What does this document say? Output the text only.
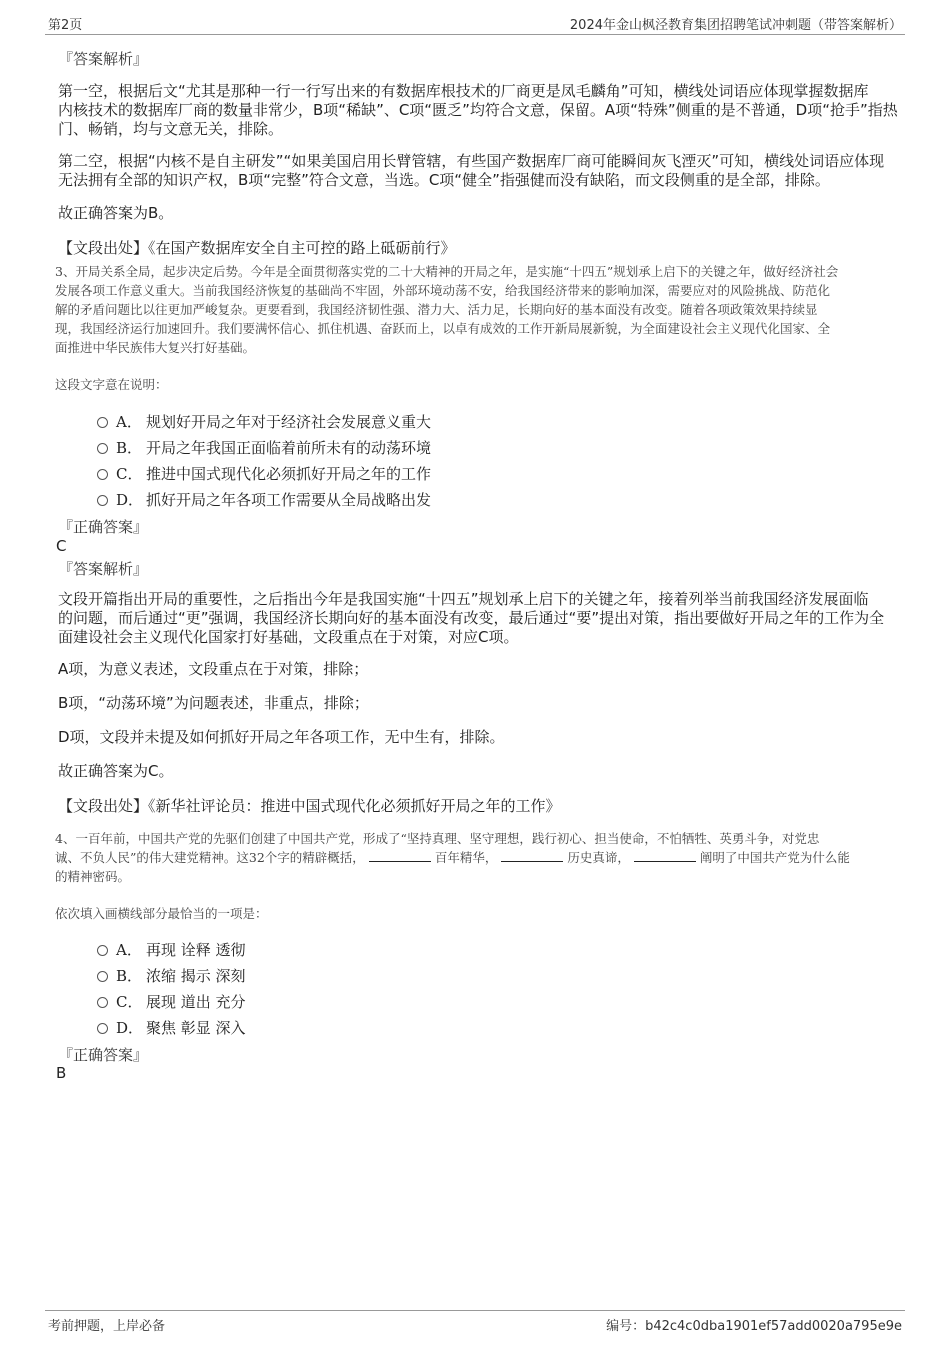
第2页	2024年金山枫泾教育集团招聘笔试冲刺题（带答案解析）
『答案解析』
第一空，根据后文“尤其是那种一行一行写出来的有数据库根技术的厂商更是凤毛麟角”可知，横线处词语应体现掌握数据库
内核技术的数据库厂商的数量非常少，B项“稀缺”、C项“匮乏”均符合文意，保留。A项“特殊”侧重的是不普通，D项“抢手”指热
门、畅销，均与文意无关，排除。
第二空，根据“内核不是自主研发”“如果美国启用长臂管辖，有些国产数据库厂商可能瞬间灰飞湮灭”可知，横线处词语应体现
无法拥有全部的知识产权，B项“完整”符合文意，当选。C项“健全”指强健而没有缺陷，而文段侧重的是全部，排除。
故正确答案为B。
【文段出处】《在国产数据库安全自主可控的路上砥砺前行》
3、开局关系全局，起步决定后势。今年是全面贯彻落实党的二十大精神的开局之年，是实施“十四五”规划承上启下的关键之年，做好经济社会
发展各项工作意义重大。当前我国经济恢复的基础尚不牢固，外部环境动荡不安，给我国经济带来的影响加深，需要应对的风险挑战、防范化
解的矛盾问题比以往更加严峻复杂。更要看到，我国经济韧性强、潜力大、活力足，长期向好的基本面没有改变。随着各项政策效果持续显
现，我国经济运行加速回升。我们要满怀信心、抓住机遇、奋跃而上，以卓有成效的工作开新局展新貌，为全面建设社会主义现代化国家、全
面推进中华民族伟大复兴打好基础。
这段文字意在说明：
A． 规划好开局之年对于经济社会发展意义重大
B． 开局之年我国正面临着前所未有的动荡环境
C． 推进中国式现代化必须抓好开局之年的工作
D． 抓好开局之年各项工作需要从全局战略出发
『正确答案』
C
『答案解析』
文段开篇指出开局的重要性，之后指出今年是我国实施“十四五”规划承上启下的关键之年，接着列举当前我国经济发展面临
的问题，而后通过“更”强调，我国经济长期向好的基本面没有改变，最后通过“要”提出对策，指出要做好开局之年的工作为全
面建设社会主义现代化国家打好基础，文段重点在于对策，对应C项。
A项，为意义表述，文段重点在于对策，排除；
B项，“动荡环境”为问题表述，非重点，排除；
D项，文段并未提及如何抓好开局之年各项工作，无中生有，排除。
故正确答案为C。
【文段出处】《新华社评论员：推进中国式现代化必须抓好开局之年的工作》
4、一百年前，中国共产党的先驱们创建了中国共产党，形成了“坚持真理、坚守理想，践行初心、担当使命，不怕牺牲、英勇斗争，对党忠
诚、不负人民”的伟大建党精神。这32个字的精辟概括，	百年精华，	历史真谛，	阐明了中国共产党为什么能
的精神密码。
依次填入画横线部分最恰当的一项是：
A． 再现 诠释 透彻
B． 浓缩 揭示 深刻
C． 展现 道出 充分
D． 聚焦 彰显 深入
『正确答案』
B
考前押题，上岸必备	编号：b42c4c0dba1901ef57add0020a795e9e
